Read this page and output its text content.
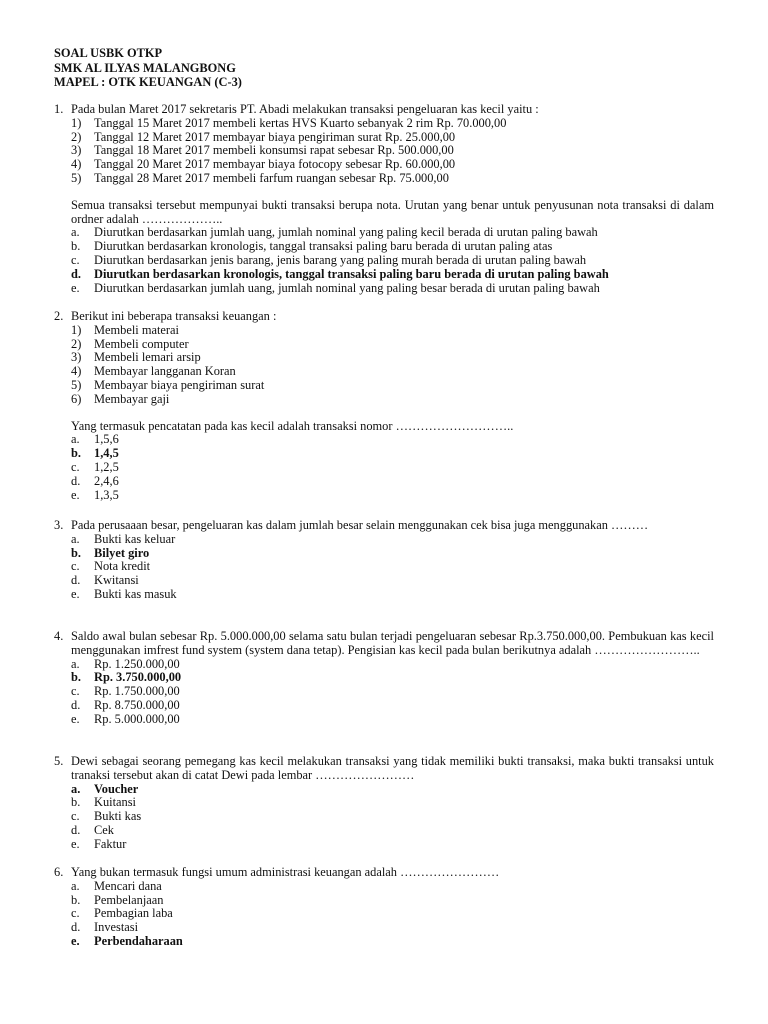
SOAL USBK OTKP
SMK AL ILYAS MALANGBONG
MAPEL : OTK KEUANGAN (C-3)
1. Pada bulan Maret 2017 sekretaris PT. Abadi melakukan transaksi pengeluaran kas kecil yaitu :
1)	Tanggal 15 Maret 2017 membeli kertas HVS Kuarto sebanyak 2 rim Rp. 70.000,00
2)	Tanggal 12 Maret 2017 membayar biaya pengiriman surat Rp. 25.000,00
3)	Tanggal 18 Maret 2017 membeli konsumsi rapat sebesar Rp. 500.000,00
4)	Tanggal 20 Maret 2017 membayar biaya fotocopy sebesar Rp. 60.000,00
5)	Tanggal 28 Maret 2017 membeli farfum ruangan sebesar Rp. 75.000,00
Semua transaksi tersebut mempunyai bukti transaksi berupa nota. Urutan yang benar untuk penyusunan nota transaksi di dalam ordner adalah ………………..
a.	Diurutkan berdasarkan jumlah uang, jumlah nominal yang paling kecil berada di urutan paling bawah
b.	Diurutkan berdasarkan kronologis, tanggal transaksi paling baru berada di urutan paling atas
c.	Diurutkan berdasarkan jenis barang, jenis barang yang paling murah berada di urutan paling bawah
d.	Diurutkan berdasarkan kronologis, tanggal transaksi paling baru berada di urutan paling bawah
e.	Diurutkan berdasarkan jumlah uang, jumlah nominal yang paling besar berada di urutan paling bawah
2. Berikut ini beberapa transaksi keuangan :
1)	Membeli materai
2)	Membeli computer
3)	Membeli lemari arsip
4)	Membayar langganan Koran
5)	Membayar biaya pengiriman surat
6)	Membayar gaji
Yang termasuk pencatatan pada kas kecil adalah transaksi nomor ………………………..
a.	1,5,6
b.	1,4,5
c.	1,2,5
d.	2,4,6
e.	1,3,5
3. Pada perusaaan besar, pengeluaran kas dalam jumlah besar selain menggunakan cek bisa juga menggunakan ………
a.	Bukti kas keluar
b.	Bilyet giro
c.	Nota kredit
d.	Kwitansi
e.	Bukti kas masuk
4. Saldo awal bulan sebesar Rp. 5.000.000,00 selama satu bulan terjadi pengeluaran sebesar Rp.3.750.000,00. Pembukuan kas kecil menggunakan imfrest fund system (system dana tetap). Pengisian kas kecil pada bulan berikutnya adalah ……………………..
a.	Rp. 1.250.000,00
b.	Rp. 3.750.000,00
c.	Rp. 1.750.000,00
d.	Rp. 8.750.000,00
e.	Rp. 5.000.000,00
5. Dewi sebagai seorang pemegang kas kecil melakukan transaksi yang tidak memiliki bukti transaksi, maka bukti transaksi untuk tranaksi tersebut akan di catat Dewi pada lembar ……………………
a.	Voucher
b.	Kuitansi
c.	Bukti kas
d.	Cek
e.	Faktur
6. Yang bukan termasuk fungsi umum administrasi keuangan adalah ……………………
a.	Mencari dana
b.	Pembelanjaan
c.	Pembagian laba
d.	Investasi
e.	Perbendaharaan
